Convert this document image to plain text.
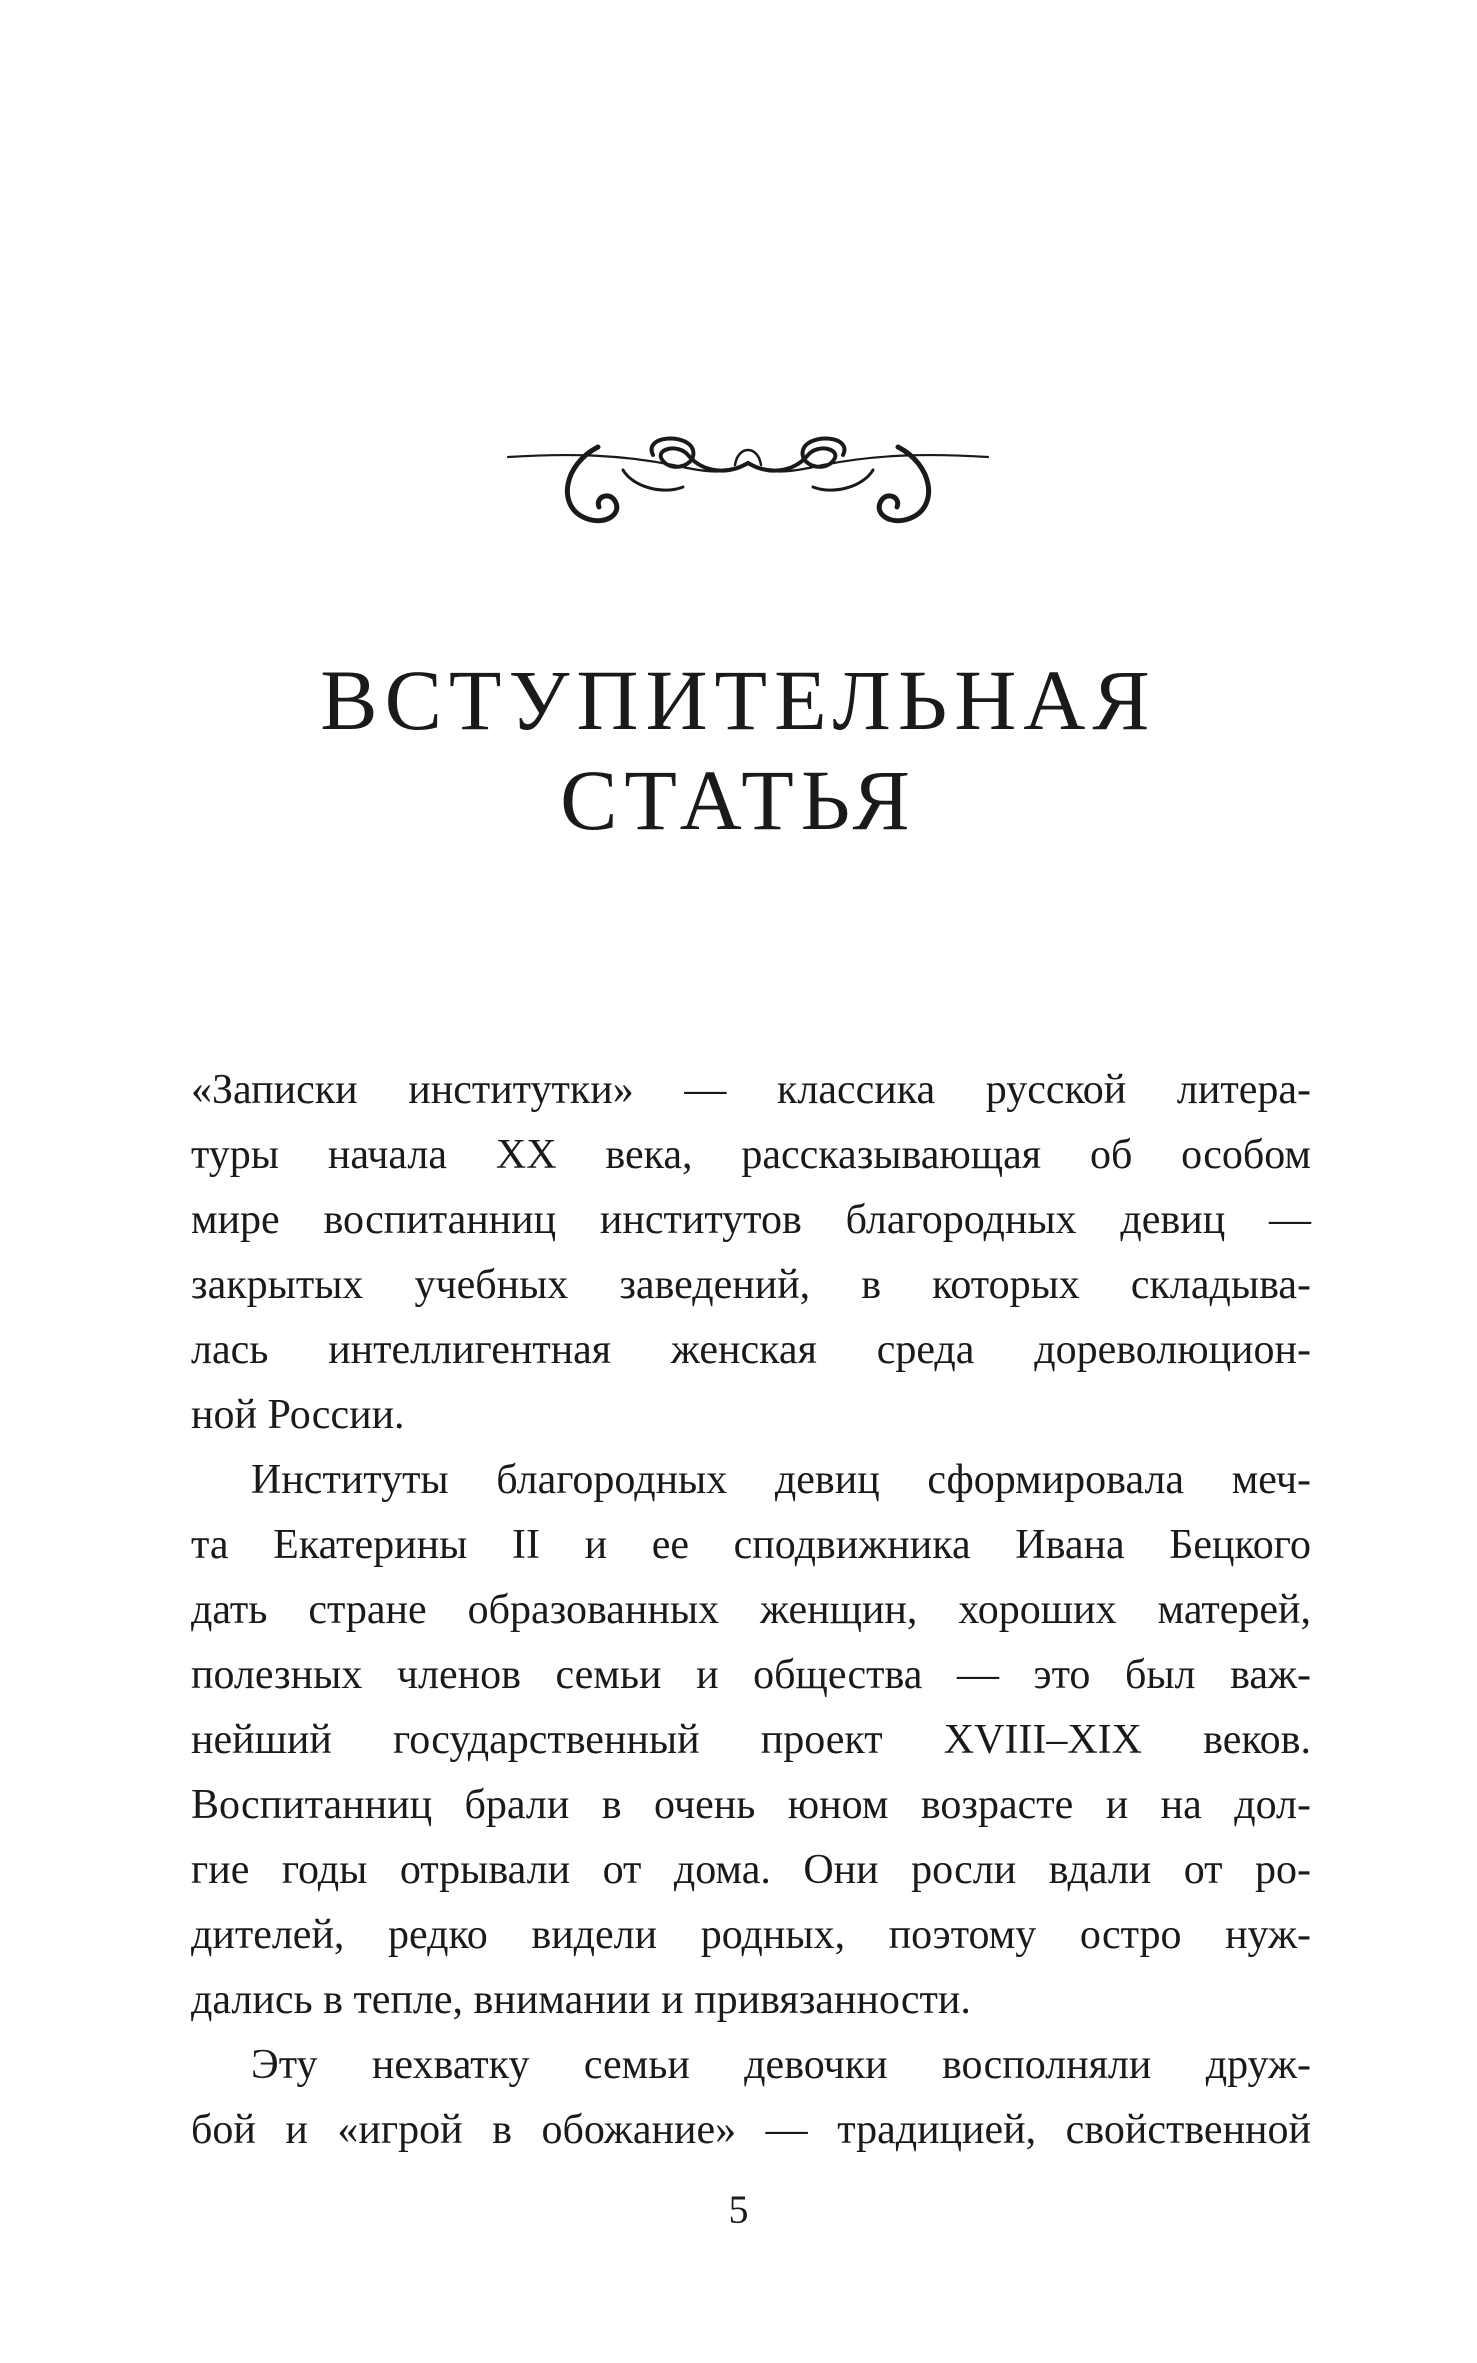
ВСТУПИТЕЛЬНАЯ
СТАТЬЯ
«Записки институтки» — классика русской литера-
туры начала XX века, рассказывающая об особом
мире воспитанниц институтов благородных девиц —
закрытых учебных заведений, в которых складыва-
лась интеллигентная женская среда дореволюцион-
ной России.
Институты благородных девиц сформировала меч-
та Екатерины II и ее сподвижника Ивана Бецкого
дать стране образованных женщин, хороших матерей,
полезных членов семьи и общества — это был важ-
нейший государственный проект XVIII–XIX веков.
Воспитанниц брали в очень юном возрасте и на дол-
гие годы отрывали от дома. Они росли вдали от ро-
дителей, редко видели родных, поэтому остро нуж-
дались в тепле, внимании и привязанности.
Эту нехватку семьи девочки восполняли друж-
бой и «игрой в обожание» — традицией, свойственной
5
